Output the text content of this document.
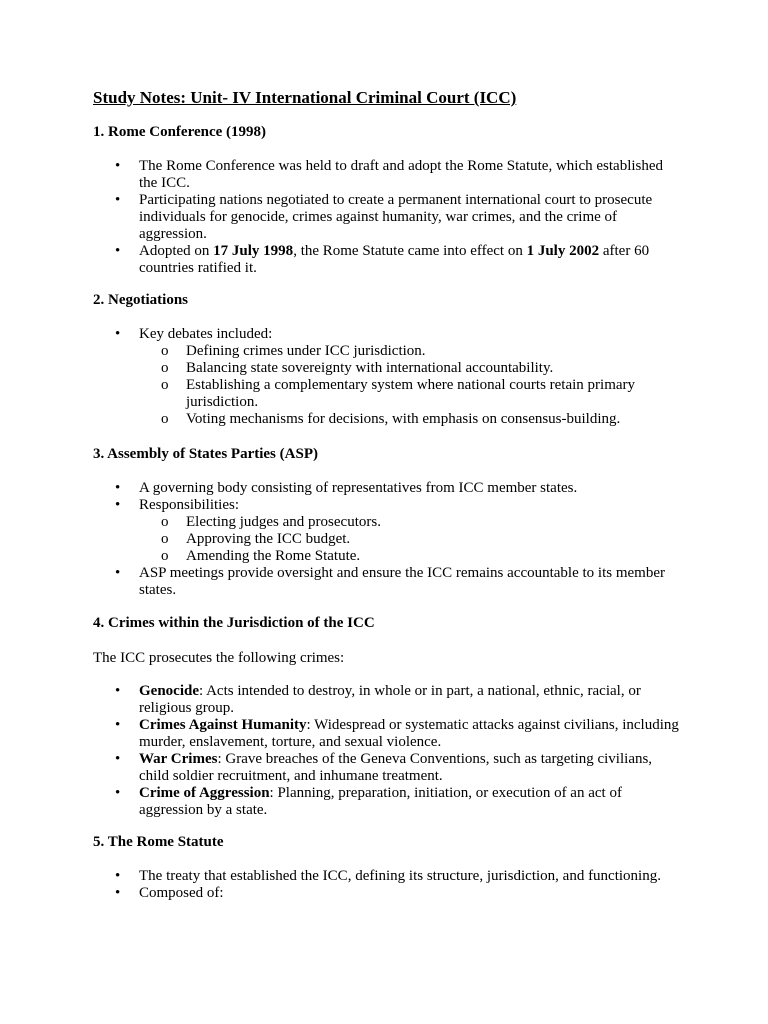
Study Notes: Unit- IV International Criminal Court (ICC)
1. Rome Conference (1998)
• The Rome Conference was held to draft and adopt the Rome Statute, which established the ICC.
• Participating nations negotiated to create a permanent international court to prosecute individuals for genocide, crimes against humanity, war crimes, and the crime of aggression.
• Adopted on 17 July 1998, the Rome Statute came into effect on 1 July 2002 after 60 countries ratified it.
2. Negotiations
• Key debates included:
o Defining crimes under ICC jurisdiction.
o Balancing state sovereignty with international accountability.
o Establishing a complementary system where national courts retain primary jurisdiction.
o Voting mechanisms for decisions, with emphasis on consensus-building.
3. Assembly of States Parties (ASP)
• A governing body consisting of representatives from ICC member states.
• Responsibilities:
o Electing judges and prosecutors.
o Approving the ICC budget.
o Amending the Rome Statute.
• ASP meetings provide oversight and ensure the ICC remains accountable to its member states.
4. Crimes within the Jurisdiction of the ICC
The ICC prosecutes the following crimes:
• Genocide: Acts intended to destroy, in whole or in part, a national, ethnic, racial, or religious group.
• Crimes Against Humanity: Widespread or systematic attacks against civilians, including murder, enslavement, torture, and sexual violence.
• War Crimes: Grave breaches of the Geneva Conventions, such as targeting civilians, child soldier recruitment, and inhumane treatment.
• Crime of Aggression: Planning, preparation, initiation, or execution of an act of aggression by a state.
5. The Rome Statute
• The treaty that established the ICC, defining its structure, jurisdiction, and functioning.
• Composed of:
